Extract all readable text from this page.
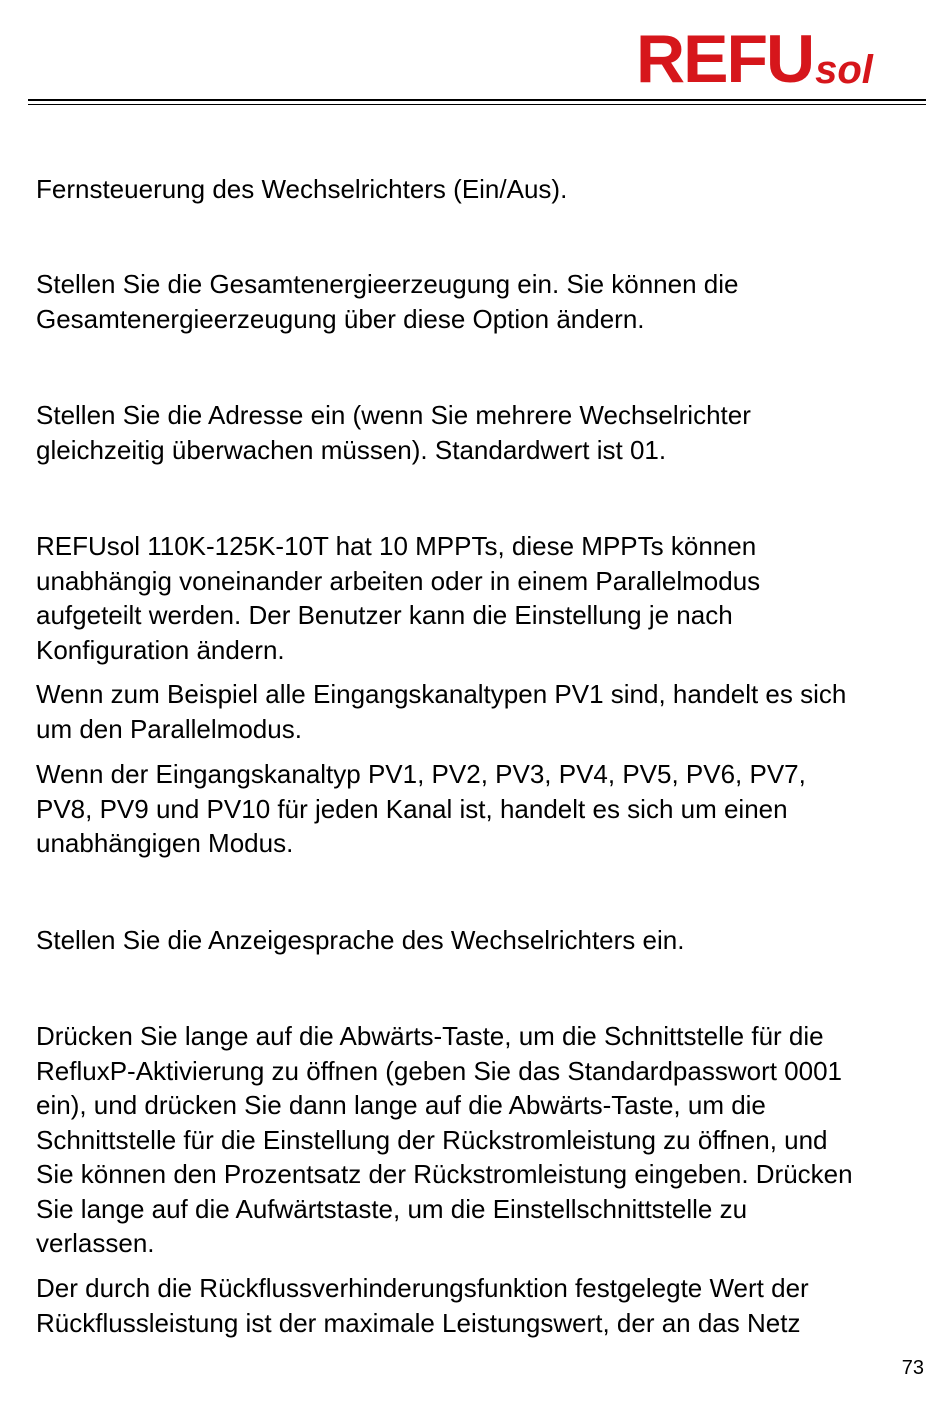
REFU sol
Fernsteuerung des Wechselrichters (Ein/Aus).
Stellen Sie die Gesamtenergieerzeugung ein. Sie können die
Gesamtenergieerzeugung über diese Option ändern.
Stellen Sie die Adresse ein (wenn Sie mehrere Wechselrichter
gleichzeitig überwachen müssen). Standardwert ist 01.
REFUsol 110K-125K-10T hat 10 MPPTs, diese MPPTs können
unabhängig voneinander arbeiten oder in einem Parallelmodus
aufgeteilt werden. Der Benutzer kann die Einstellung je nach
Konfiguration ändern.
Wenn zum Beispiel alle Eingangskanaltypen PV1 sind, handelt es sich
um den Parallelmodus.
Wenn der Eingangskanaltyp PV1, PV2, PV3, PV4, PV5, PV6, PV7,
PV8, PV9 und PV10 für jeden Kanal ist, handelt es sich um einen
unabhängigen Modus.
Stellen Sie die Anzeigesprache des Wechselrichters ein.
Drücken Sie lange auf die Abwärts-Taste, um die Schnittstelle für die
RefluxP-Aktivierung zu öffnen (geben Sie das Standardpasswort 0001
ein), und drücken Sie dann lange auf die Abwärts-Taste, um die
Schnittstelle für die Einstellung der Rückstromleistung zu öffnen, und
Sie können den Prozentsatz der Rückstromleistung eingeben. Drücken
Sie lange auf die Aufwärtstaste, um die Einstellschnittstelle zu
verlassen.
Der durch die Rückflussverhinderungsfunktion festgelegte Wert der
Rückflussleistung ist der maximale Leistungswert, der an das Netz
73
